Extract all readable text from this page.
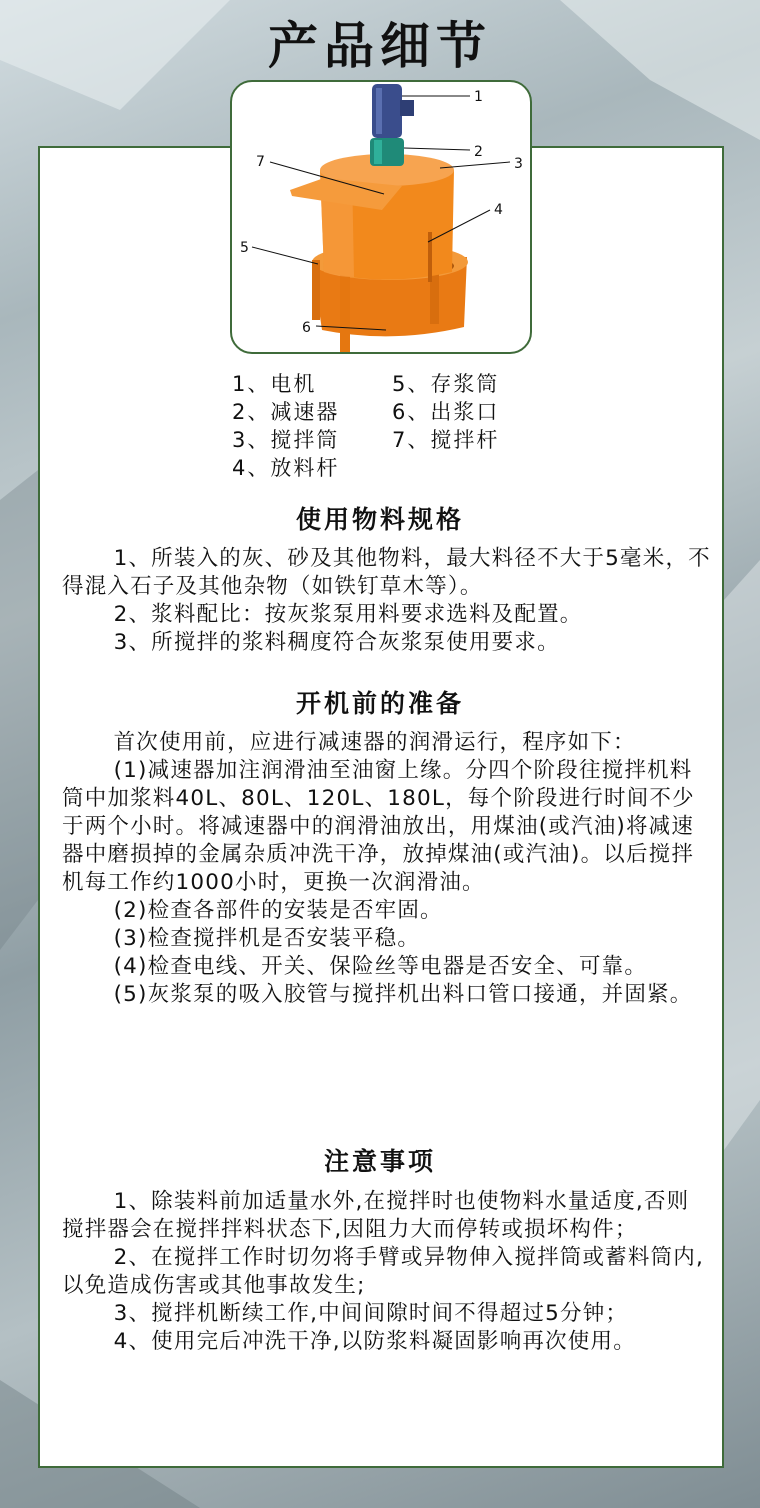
产品细节
1
2
3
4
5
6
7
1、电机	5、存浆筒
2、减速器	6、出浆口
3、搅拌筒	7、搅拌杆
4、放料杆
使用物料规格

1、所装入的灰、砂及其他物料，最大料径不大于5毫米，不得混入石子及其他杂物（如铁钉草木等）。

2、浆料配比：按灰浆泵用料要求选料及配置。

3、所搅拌的浆料稠度符合灰浆泵使用要求。

开机前的准备

首次使用前，应进行减速器的润滑运行，程序如下：

(1)减速器加注润滑油至油窗上缘。分四个阶段往搅拌机料筒中加浆料40L、80L、120L、180L，每个阶段进行时间不少于两个小时。将减速器中的润滑油放出，用煤油(或汽油)将减速器中磨损掉的金属杂质冲洗干净，放掉煤油(或汽油)。以后搅拌机每工作约1000小时，更换一次润滑油。

(2)检查各部件的安装是否牢固。

(3)检查搅拌机是否安装平稳。

(4)检查电线、开关、保险丝等电器是否安全、可靠。

(5)灰浆泵的吸入胶管与搅拌机出料口管口接通，并固紧。

注意事项

1、除装料前加适量水外,在搅拌时也使物料水量适度,否则搅拌器会在搅拌拌料状态下,因阻力大而停转或损坏构件；

2、在搅拌工作时切勿将手臂或异物伸入搅拌筒或蓄料筒内,以免造成伤害或其他事故发生;

3、搅拌机断续工作,中间间隙时间不得超过5分钟；

4、使用完后冲洗干净,以防浆料凝固影响再次使用。
